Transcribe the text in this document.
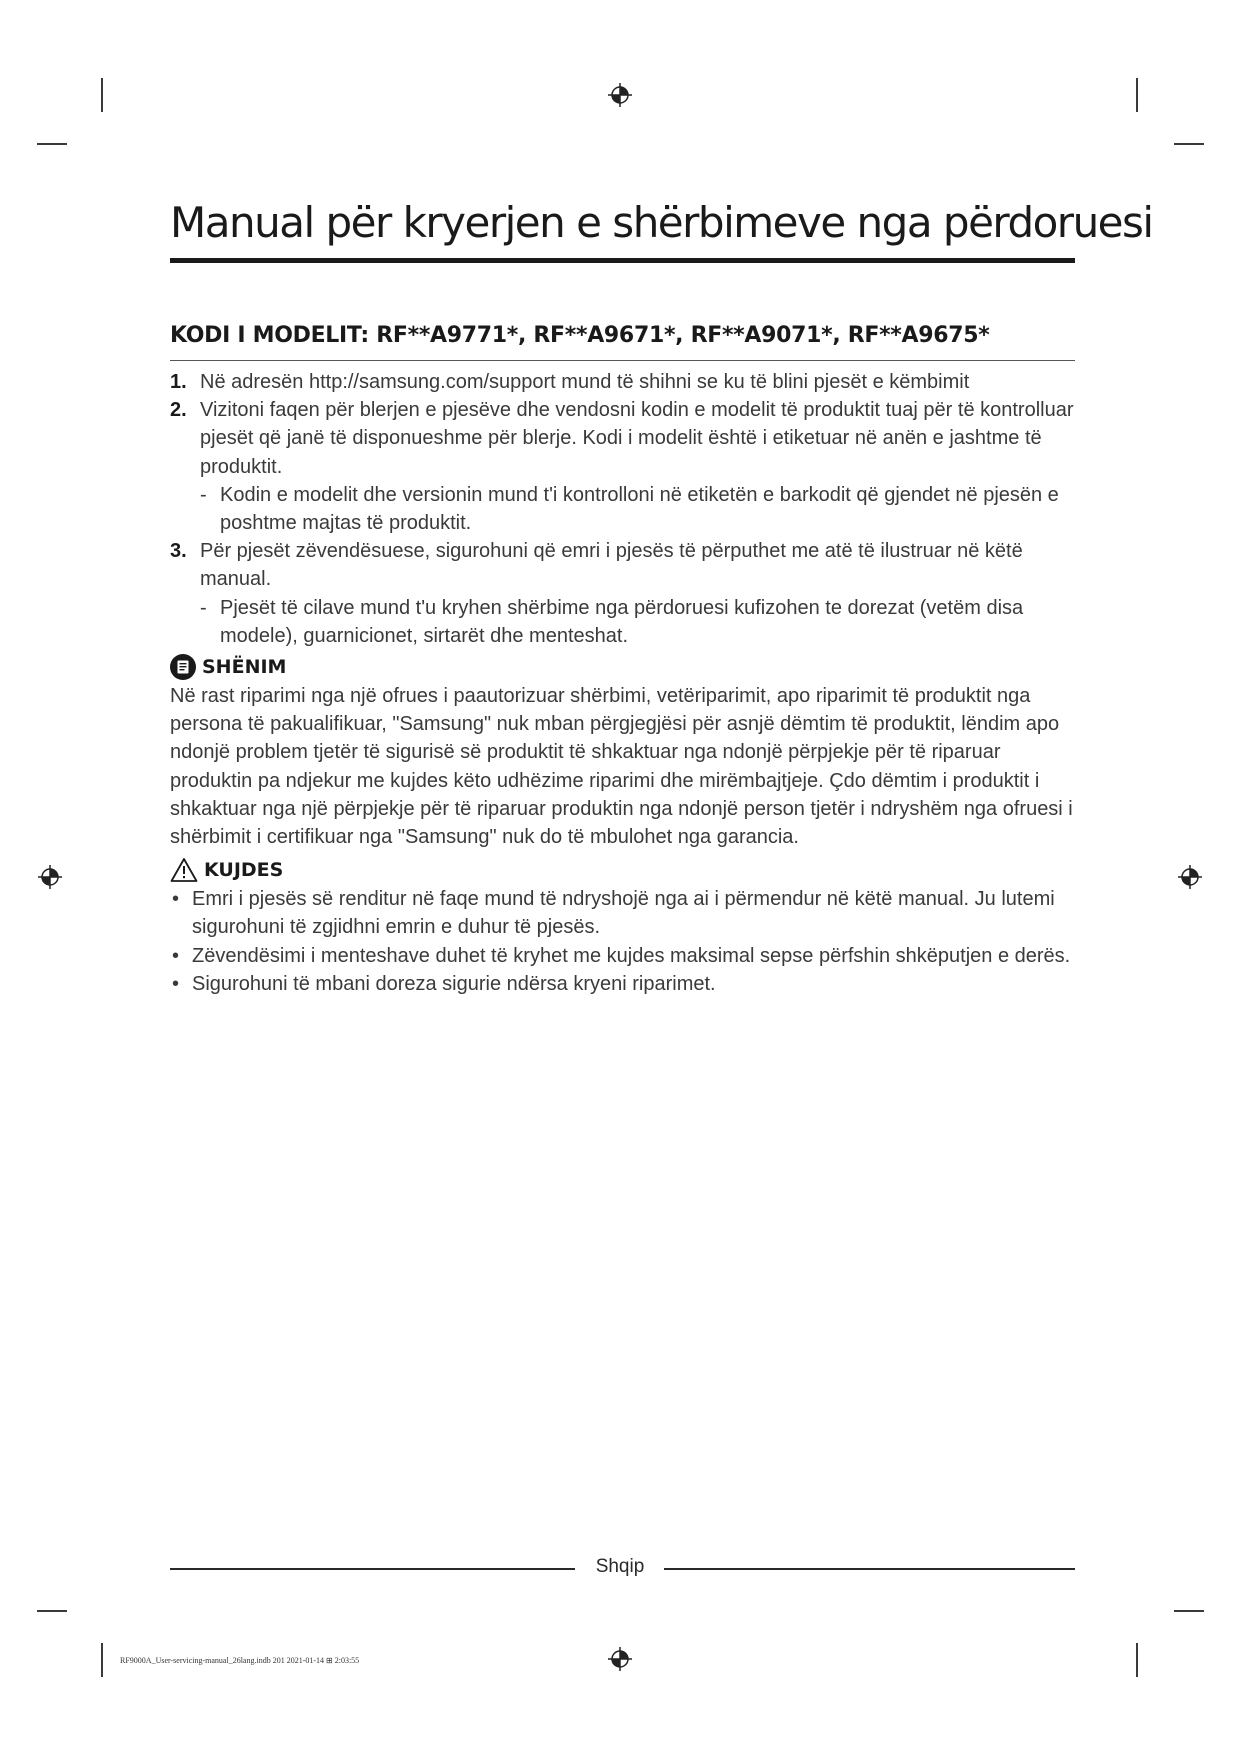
Manual për kryerjen e shërbimeve nga përdoruesi
KODI I MODELIT: RF**A9771*, RF**A9671*, RF**A9071*, RF**A9675*
1. Në adresën http://samsung.com/support mund të shihni se ku të blini pjesët e këmbimit
2. Vizitoni faqen për blerjen e pjesëve dhe vendosni kodin e modelit të produktit tuaj për të kontrolluar pjesët që janë të disponueshme për blerje. Kodi i modelit është i etiketuar në anën e jashtme të produktit.
- Kodin e modelit dhe versionin mund t'i kontrolloni në etiketën e barkodit që gjendet në pjesën e poshtme majtas të produktit.
3. Për pjesët zëvendësuese, sigurohuni që emri i pjesës të përputhet me atë të ilustruar në këtë manual.
- Pjesët të cilave mund t'u kryhen shërbime nga përdoruesi kufizohen te dorezat (vetëm disa modele), guarnicionet, sirtarët dhe menteshat.
SHËNIM

Në rast riparimi nga një ofrues i paautorizuar shërbimi, vetëriparimit, apo riparimit të produktit nga persona të pakualifikuar, "Samsung" nuk mban përgjegjësi për asnjë dëmtim të produktit, lëndim apo ndonjë problem tjetër të sigurisë së produktit të shkaktuar nga ndonjë përpjekje për të riparuar produktin pa ndjekur me kujdes këto udhëzime riparimi dhe mirëmbajtjeje. Çdo dëmtim i produktit i shkaktuar nga një përpjekje për të riparuar produktin nga ndonjë person tjetër i ndryshëm nga ofruesi i shërbimit i certifikuar nga "Samsung" nuk do të mbulohet nga garancia.

KUJDES
• Emri i pjesës së renditur në faqe mund të ndryshojë nga ai i përmendur në këtë manual. Ju lutemi sigurohuni të zgjidhni emrin e duhur të pjesës.
• Zëvendësimi i menteshave duhet të kryhet me kujdes maksimal sepse përfshin shkëputjen e derës.
• Sigurohuni të mbani doreza sigurie ndërsa kryeni riparimet.
Shqip
RF9000A_User-servicing-manual_26lang.indb 201 2021-01-14 ⊞ 2:03:55
